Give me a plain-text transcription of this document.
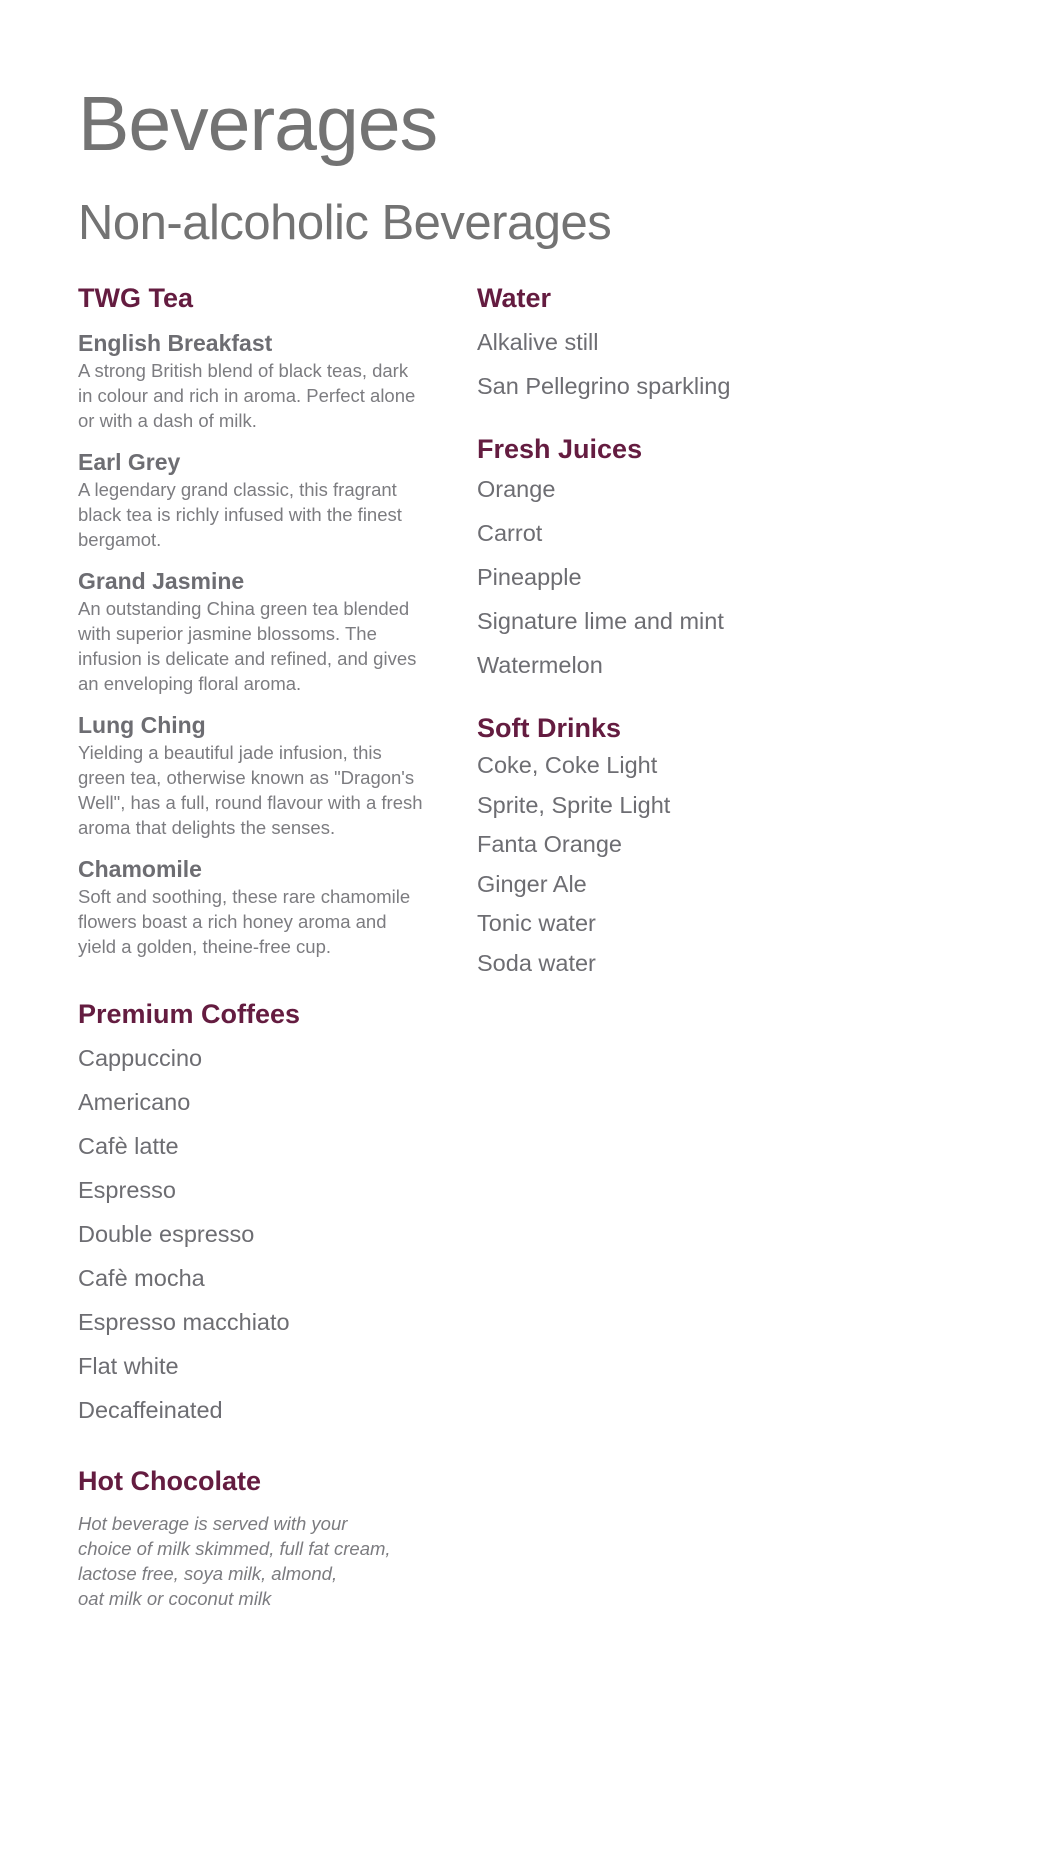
Beverages
Non-alcoholic Beverages
TWG Tea
English Breakfast
A strong British blend of black teas, dark in colour and rich in aroma. Perfect alone or with a dash of milk.
Earl Grey
A legendary grand classic, this fragrant black tea is richly infused with the finest bergamot.
Grand Jasmine
An outstanding China green tea blended with superior jasmine blossoms. The infusion is delicate and refined, and gives an enveloping floral aroma.
Lung Ching
Yielding a beautiful jade infusion, this green tea, otherwise known as "Dragon's Well", has a full, round flavour with a fresh aroma that delights the senses.
Chamomile
Soft and soothing, these rare chamomile flowers boast a rich honey aroma and yield a golden, theine-free cup.
Premium Coffees
Cappuccino
Americano
Cafè latte
Espresso
Double espresso
Cafè mocha
Espresso macchiato
Flat white
Decaffeinated
Hot Chocolate

Hot beverage is served with your
choice of milk skimmed, full fat cream,
lactose free, soya milk, almond,
oat milk or coconut milk

Water
Alkalive still
San Pellegrino sparkling
Fresh Juices
Orange
Carrot
Pineapple
Signature lime and mint
Watermelon
Soft Drinks
Coke, Coke Light
Sprite, Sprite Light
Fanta Orange
Ginger Ale
Tonic water
Soda water
